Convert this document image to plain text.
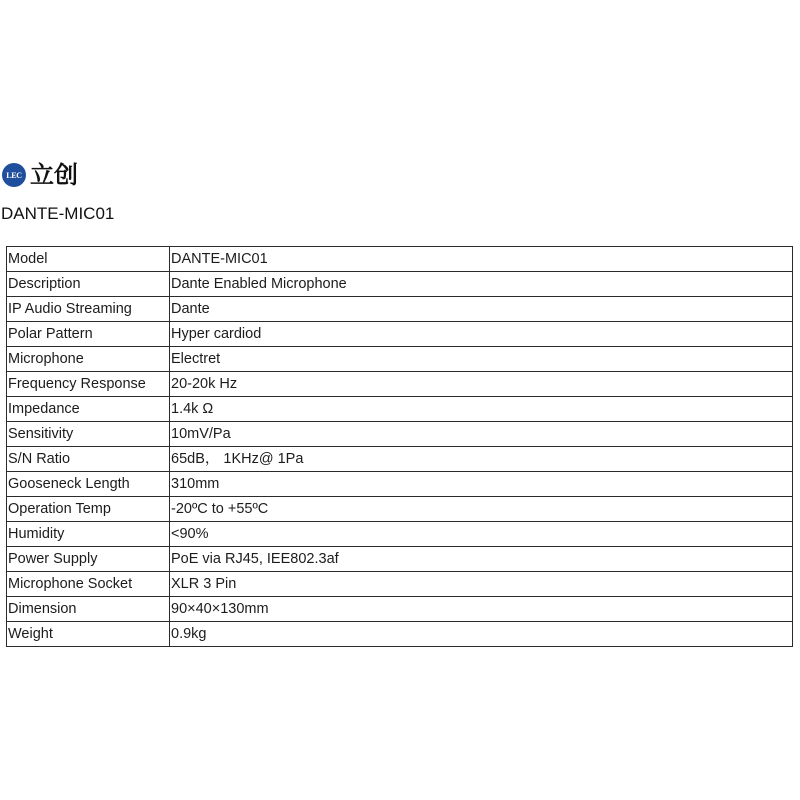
LEC 立创
DANTE-MIC01
Model	DANTE-MIC01
Description	Dante Enabled Microphone
IP Audio Streaming	Dante
Polar Pattern	Hyper cardiod
Microphone	Electret
Frequency Response	20-20k Hz
Impedance	1.4k Ω
Sensitivity	10mV/Pa
S/N Ratio	65dB， 1KHz@ 1Pa
Gooseneck Length	310mm
Operation Temp	-20ºC to +55ºC
Humidity	<90%
Power Supply	PoE via RJ45, IEE802.3af
Microphone Socket	XLR 3 Pin
Dimension	90×40×130mm
Weight	0.9kg
